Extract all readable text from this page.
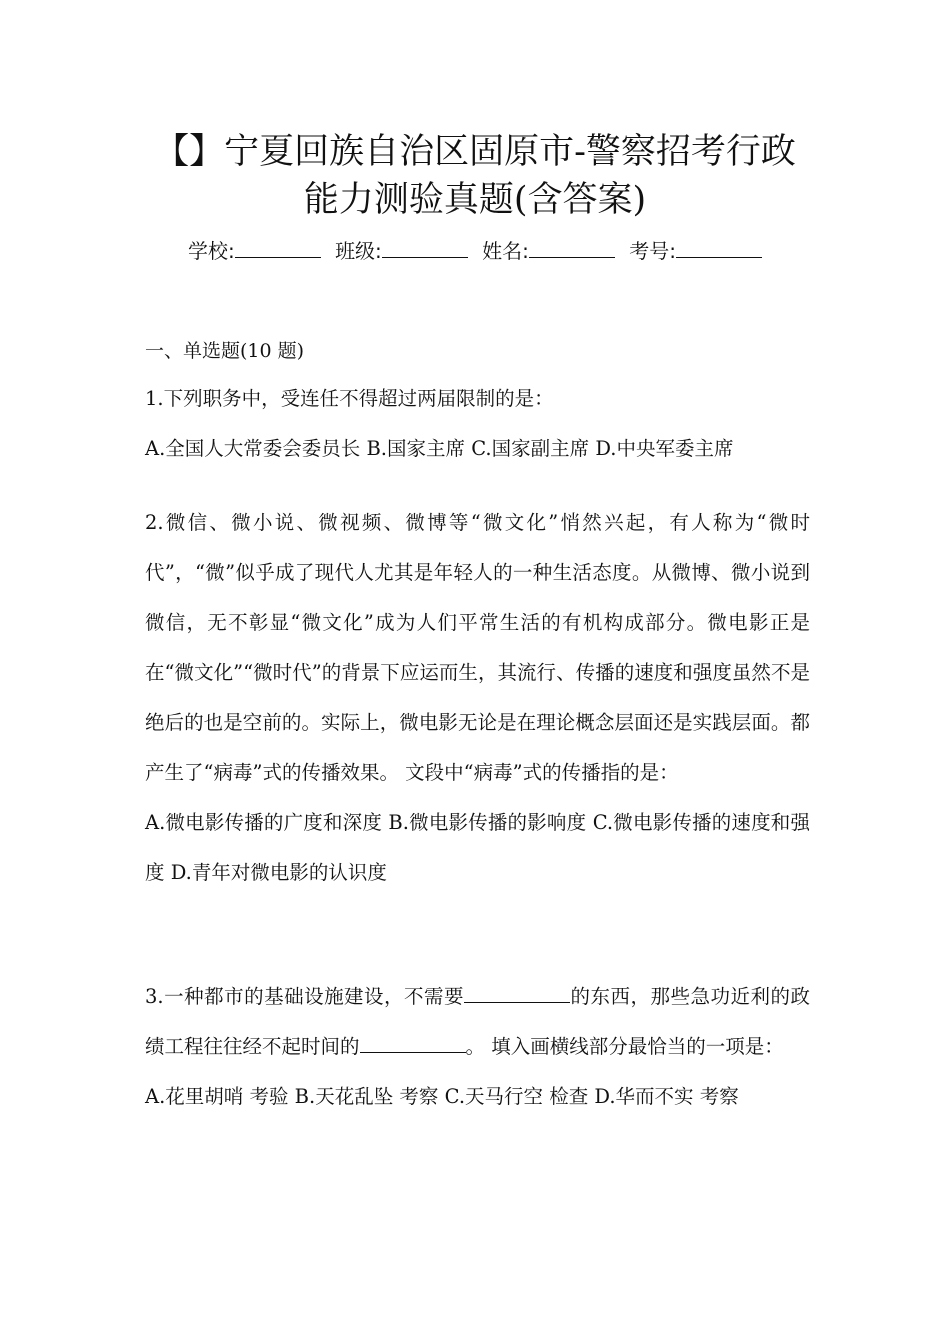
【】宁夏回族自治区固原市-警察招考行政
能力测验真题(含答案)
学校:	班级:	姓名:	考号:
一、单选题(10 题)

1.下列职务中，受连任不得超过两届限制的是：

A.全国人大常委会委员长 B.国家主席 C.国家副主席 D.中央军委主席

2.微信、微小说、微视频、微博等“微文化”悄然兴起，有人称为“微时代”，“微”似乎成了现代人尤其是年轻人的一种生活态度。从微博、微小说到微信，无不彰显“微文化”成为人们平常生活的有机构成部分。微电影正是在“微文化”“微时代”的背景下应运而生，其流行、传播的速度和强度虽然不是绝后的也是空前的。实际上，微电影无论是在理论概念层面还是实践层面。都产生了“病毒”式的传播效果。 文段中“病毒”式的传播指的是：

A.微电影传播的广度和深度 B.微电影传播的影响度 C.微电影传播的速度和强度 D.青年对微电影的认识度

3.一种都市的基础设施建设，不需要	的东西，那些急功近利的政绩工程往往经不起时间的	。 填入画横线部分最恰当的一项是：

A.花里胡哨 考验 B.天花乱坠 考察 C.天马行空 检查 D.华而不实 考察
